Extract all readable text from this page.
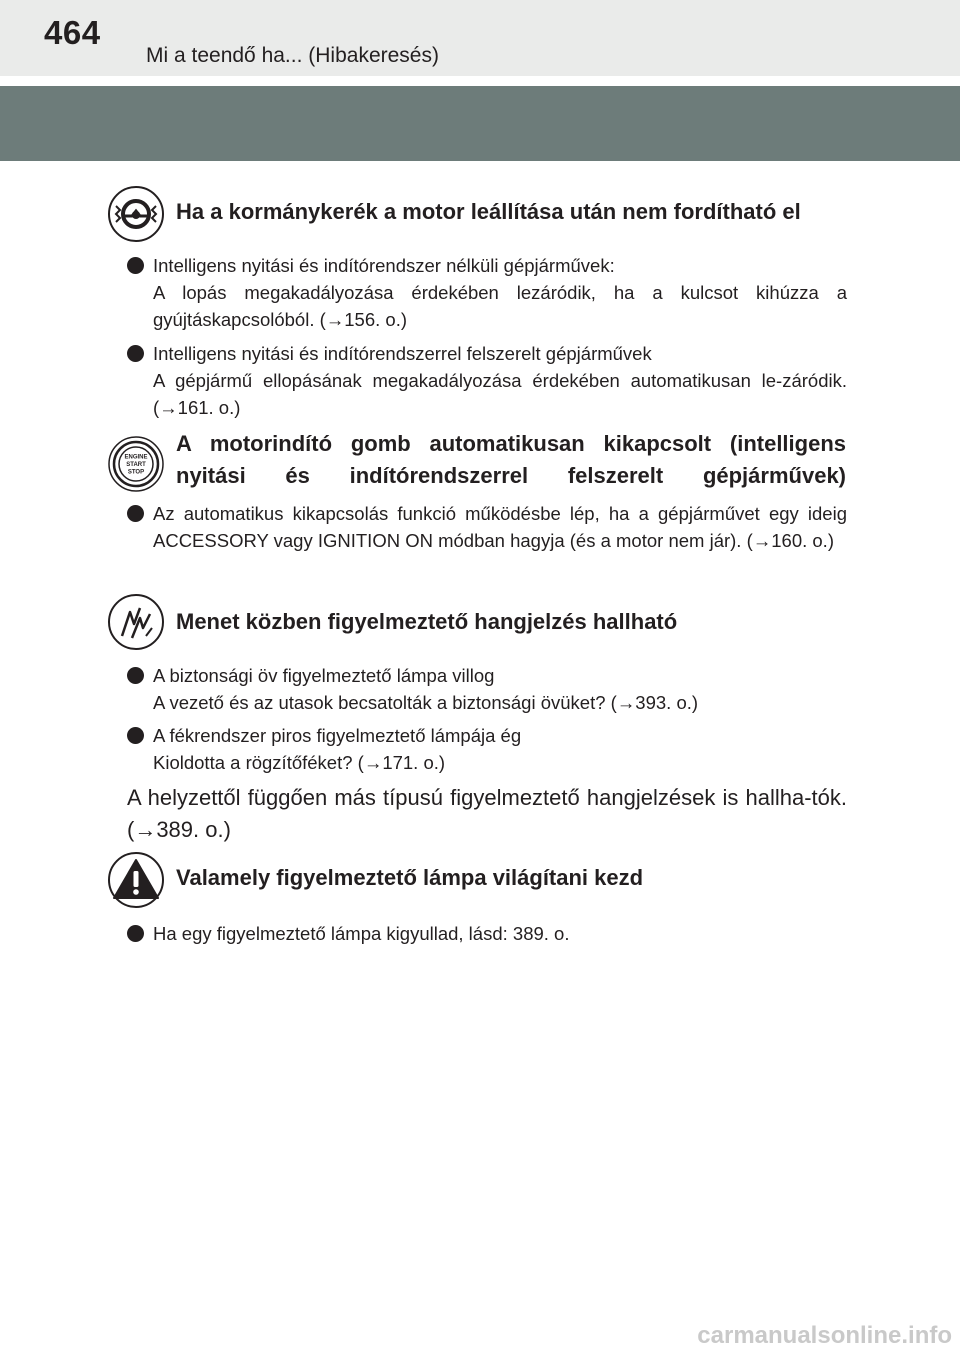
464
Mi a teendő ha... (Hibakeresés)
Ha a kormánykerék a motor leállítása után nem fordítható el
Intelligens nyitási és indítórendszer nélküli gépjárművek:
A lopás megakadályozása érdekében lezáródik, ha a kulcsot kihúzza a gyújtáskapcsolóból. (→156. o.)
Intelligens nyitási és indítórendszerrel felszerelt gépjárművek
A gépjármű ellopásának megakadályozása érdekében automatikusan le-záródik. (→161. o.)
ENGINE
START
STOP
A motorindító gomb automatikusan kikapcsolt (intelligens nyitási és indítórendszerrel felszerelt gépjárművek)
Az automatikus kikapcsolás funkció működésbe lép, ha a gépjárművet egy ideig ACCESSORY vagy IGNITION ON módban hagyja (és a motor nem jár). (→160. o.)
Menet közben figyelmeztető hangjelzés hallható
A biztonsági öv figyelmeztető lámpa villog
A vezető és az utasok becsatolták a biztonsági övüket? (→393. o.)
A fékrendszer piros figyelmeztető lámpája ég
Kioldotta a rögzítőféket? (→171. o.)
A helyzettől függően más típusú figyelmeztető hangjelzések is hallha-tók. (→389. o.)
Valamely figyelmeztető lámpa világítani kezd
Ha egy figyelmeztető lámpa kigyullad, lásd: 389. o.
carmanualsonline.info
